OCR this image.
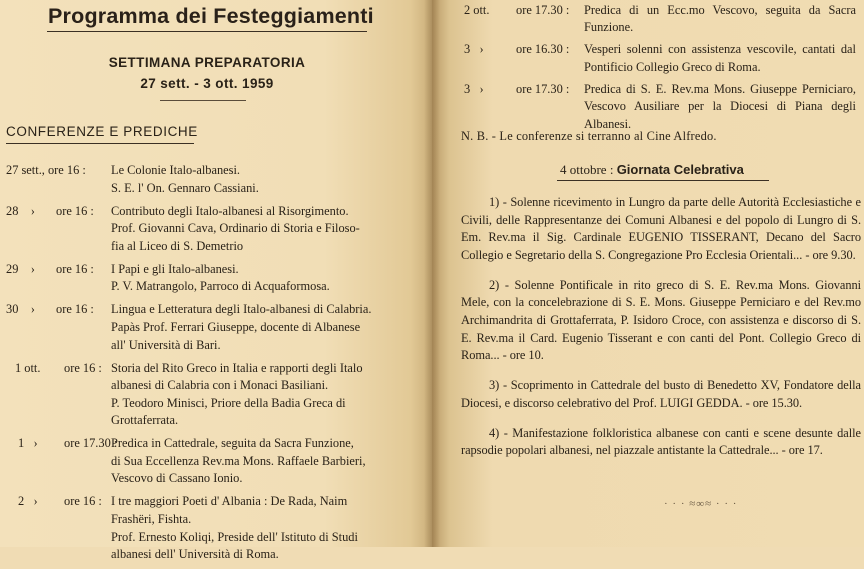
Programma dei Festeggiamenti
SETTIMANA PREPARATORIA
27 sett. - 3 ott. 1959
CONFERENZE E PREDICHE
27 sett., ore 16 : Le Colonie Italo-albanesi.
S. E. l' On. Gennaro Cassiani.
28    › ore 16 : Contributo degli Italo-albanesi al Risorgimento.
Prof. Giovanni Cava, Ordinario di Storia e Filoso-
fia al Liceo di S. Demetrio
29    › ore 16 : I Papi e gli Italo-albanesi.
P. V. Matrangolo, Parroco di Acquaformosa.
30    › ore 16 : Lingua e Letteratura degli Italo-albanesi di Calabria.
Papàs Prof. Ferrari Giuseppe, docente di Albanese
all' Università di Bari.
1 ott. ore 16 : Storia del Rito Greco in Italia e rapporti degli Italo
albanesi di Calabria con i Monaci Basiliani.
P. Teodoro Minisci, Priore della Badia Greca di
Grottaferrata.
1   › ore 17.30 :
Predica in Cattedrale, seguita da Sacra Funzione,
di Sua Eccellenza Rev.ma Mons. Raffaele Barbieri,
Vescovo di Cassano Ionio.
2   › ore 16 : I tre maggiori Poeti d' Albania : De Rada, Naim
Frashëri, Fishta.
Prof. Ernesto Koliqi, Preside dell' Istituto di Studi
albanesi dell' Università di Roma.
2 ott. ore 17.30 : Predica di un Ecc.mo Vescovo, seguita da Sacra Funzione.
3   ›	ore 16.30 : Vesperi solenni con assistenza vescovile, cantati dal Pontificio Collegio Greco di Roma.
3   ›	ore 17.30 : Predica di S. E. Rev.ma Mons. Giuseppe Perniciaro, Vescovo Ausiliare per la Diocesi di Piana degli Albanesi.
N. B. - Le conferenze si terranno al Cine Alfredo.
4 ottobre : Giornata Celebrativa

1) - Solenne ricevimento in Lungro da parte delle Autorità Ecclesiastiche e Civili, delle Rappresentanze dei Comuni Albanesi e del popolo di Lungro di S. Em. Rev.ma il Sig. Cardinale EUGENIO TISSERANT, Decano del Sacro Collegio e Segretario della S. Congregazione Pro Ecclesia Orientali... - ore 9.30.

2) - Solenne Pontificale in rito greco di S. E. Rev.ma Mons. Giovanni Mele, con la concelebrazione di S. E. Mons. Giuseppe Perniciaro e del Rev.mo Archimandrita di Grottaferrata, P. Isidoro Croce, con assistenza e discorso di S. E. Rev.ma il Card. Eugenio Tisserant e con canti del Pont. Collegio Greco di Roma... - ore 10.

3) - Scoprimento in Cattedrale del busto di Benedetto XV, Fondatore della Diocesi, e discorso celebrativo del Prof. LUIGI GEDDA. - ore 15.30.

4) - Manifestazione folkloristica albanese con canti e scene desunte dalle rapsodie popolari albanesi, nel piazzale antistante la Cattedrale... - ore 17.

· · · ≈∞≈ · · ·
